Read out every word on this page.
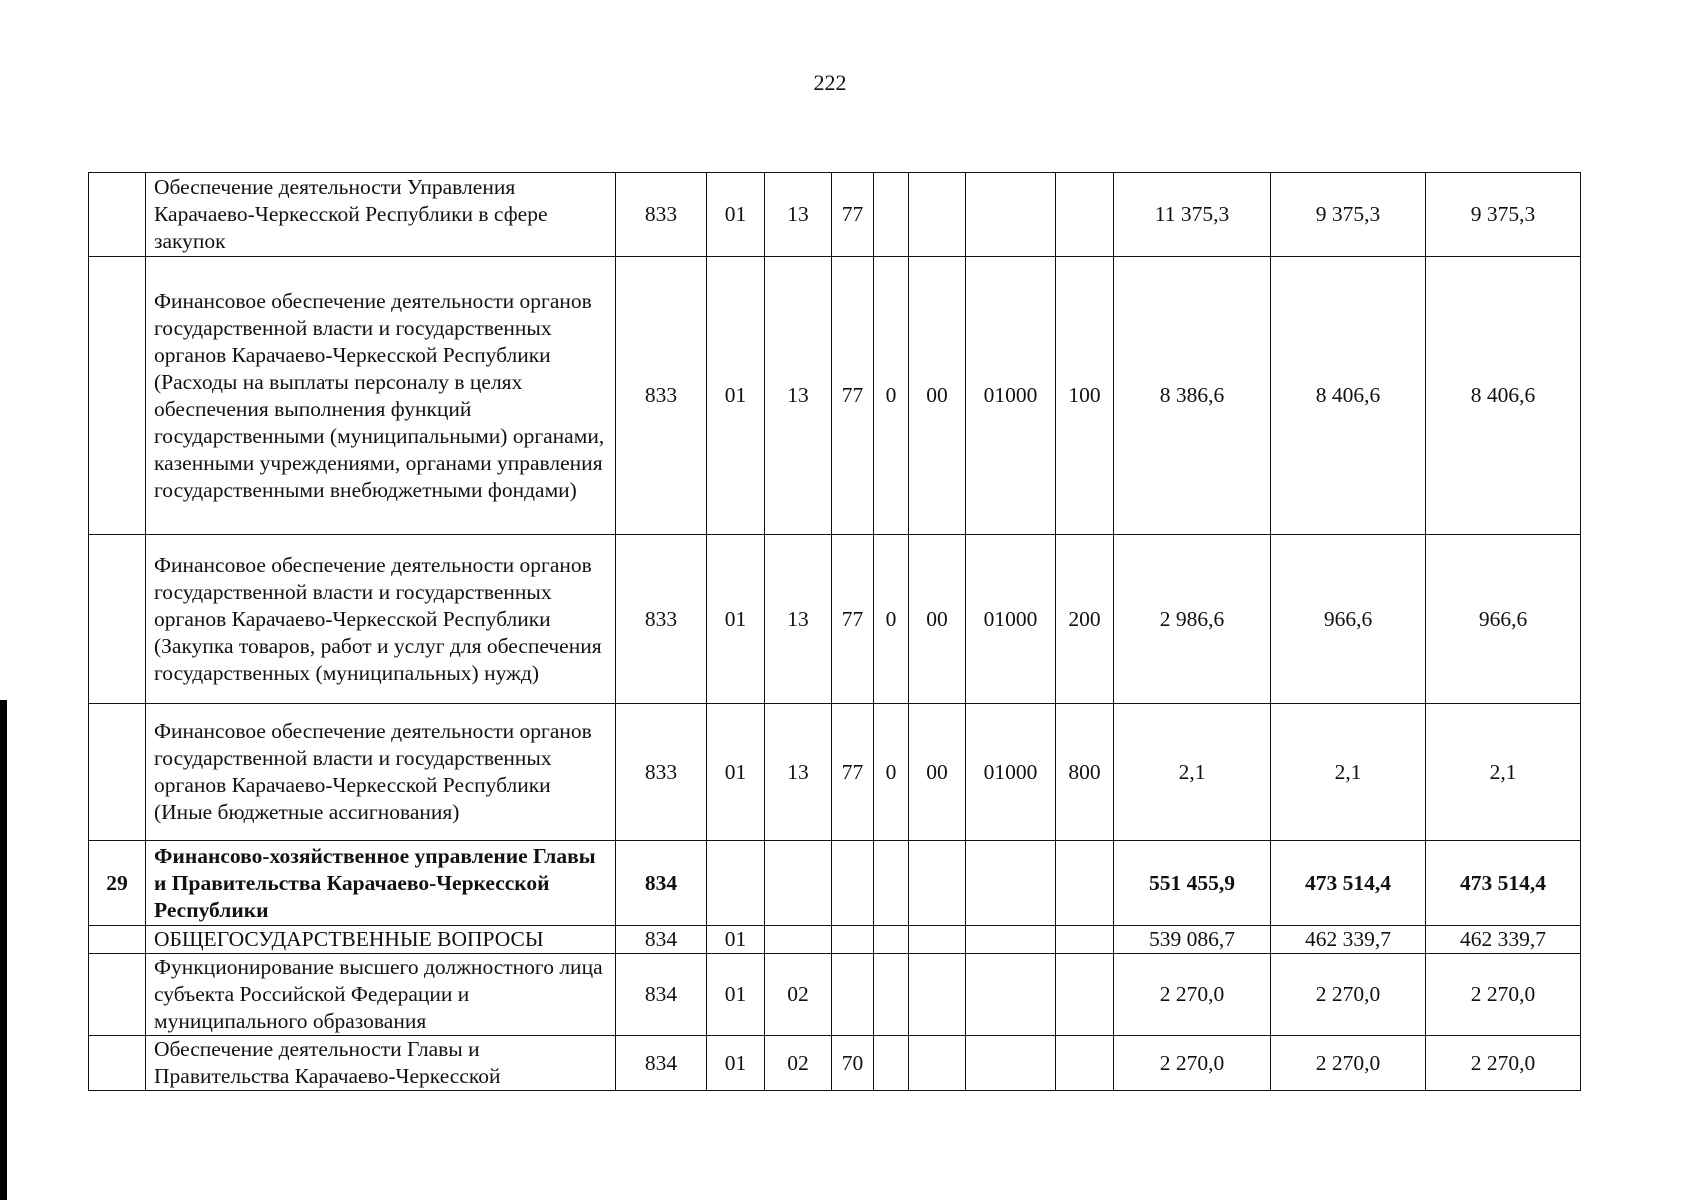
222
	Обеспечение деятельности Управления Карачаево-Черкесской Республики в сфере закупок	833	01	13	77					11 375,3	9 375,3	9 375,3
	Финансовое обеспечение деятельности органов государственной власти и государственных органов Карачаево-Черкесской Республики (Расходы на выплаты персоналу в целях обеспечения выполнения функций государственными (муниципальными) органами, казенными учреждениями, органами управления государственными внебюджетными фондами)	833	01	13	77	0	00	01000	100	8 386,6	8 406,6	8 406,6
	Финансовое обеспечение деятельности органов государственной власти и государственных органов Карачаево-Черкесской Республики (Закупка товаров, работ и услуг для обеспечения государственных (муниципальных) нужд)	833	01	13	77	0	00	01000	200	2 986,6	966,6	966,6
	Финансовое обеспечение деятельности органов государственной власти и государственных органов Карачаево-Черкесской Республики (Иные бюджетные ассигнования)	833	01	13	77	0	00	01000	800	2,1	2,1	2,1
29	Финансово-хозяйственное управление Главы и Правительства Карачаево-Черкесской Республики	834								551 455,9	473 514,4	473 514,4
	ОБЩЕГОСУДАРСТВЕННЫЕ ВОПРОСЫ	834	01							539 086,7	462 339,7	462 339,7
	Функционирование высшего должностного лица субъекта Российской Федерации и муниципального образования	834	01	02						2 270,0	2 270,0	2 270,0
	Обеспечение деятельности Главы и Правительства Карачаево-Черкесской	834	01	02	70					2 270,0	2 270,0	2 270,0
